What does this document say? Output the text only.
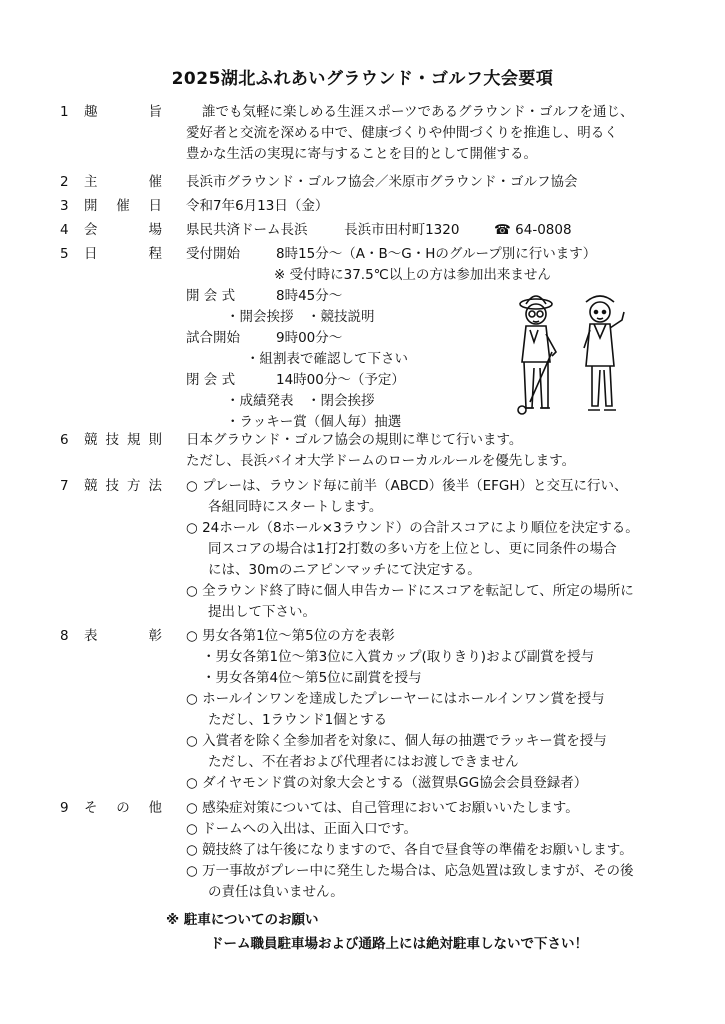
2025湖北ふれあいグラウンド・ゴルフ大会要項
1 趣	旨	誰でも気軽に楽しめる生涯スポーツであるグラウンド・ゴルフを通じ、
愛好者と交流を深める中で、健康づくりや仲間づくりを推進し、明るく
豊かな生活の実現に寄与することを目的として開催する。
2 主	催 長浜市グラウンド・ゴルフ協会／米原市グラウンド・ゴルフ協会
3 開 催 日 令和7年6月13日（金）
4 会	場 県民共済ドーム長浜	長浜市田村町1320	☎ 64-0808
5 日	程 受付開始	8時15分～（A・B～G・Hのグループ別に行います）
※ 受付時に37.5℃以上の方は参加出来ません
開 会 式	8時45分～
・開会挨拶　・競技説明
試合開始	9時00分～
・組割表で確認して下さい
閉 会 式	14時00分～（予定）
・成績発表　・閉会挨拶
・ラッキー賞（個人毎）抽選
6 競 技 規 則 日本グラウンド・ゴルフ協会の規則に準じて行います。
ただし、長浜バイオ大学ドームのローカルルールを優先します。
7 競 技 方 法 ○ プレーは、ラウンド毎に前半（ABCD）後半（EFGH）と交互に行い、
各組同時にスタートします。
○ 24ホール（8ホール×3ラウンド）の合計スコアにより順位を決定する。
同スコアの場合は1打2打数の多い方を上位とし、更に同条件の場合
には、30mのニアピンマッチにて決定する。
○ 全ラウンド終了時に個人申告カードにスコアを転記して、所定の場所に
提出して下さい。
8 表	彰 ○ 男女各第1位～第5位の方を表彰
・男女各第1位～第3位に入賞カップ(取りきり)および副賞を授与
・男女各第4位～第5位に副賞を授与
○ ホールインワンを達成したプレーヤーにはホールインワン賞を授与
ただし、1ラウンド1個とする
○ 入賞者を除く全参加者を対象に、個人毎の抽選でラッキー賞を授与
ただし、不在者および代理者にはお渡しできません
○ ダイヤモンド賞の対象大会とする（滋賀県GG協会会員登録者）
9 そ の 他 ○ 感染症対策については、自己管理においてお願いいたします。
○ ドームへの入出は、正面入口です。
○ 競技終了は午後になりますので、各自で昼食等の準備をお願いします。
○ 万一事故がプレー中に発生した場合は、応急処置は致しますが、その後
の責任は負いません。
※ 駐車についてのお願い
ドーム職員駐車場および通路上には絶対駐車しないで下さい！
